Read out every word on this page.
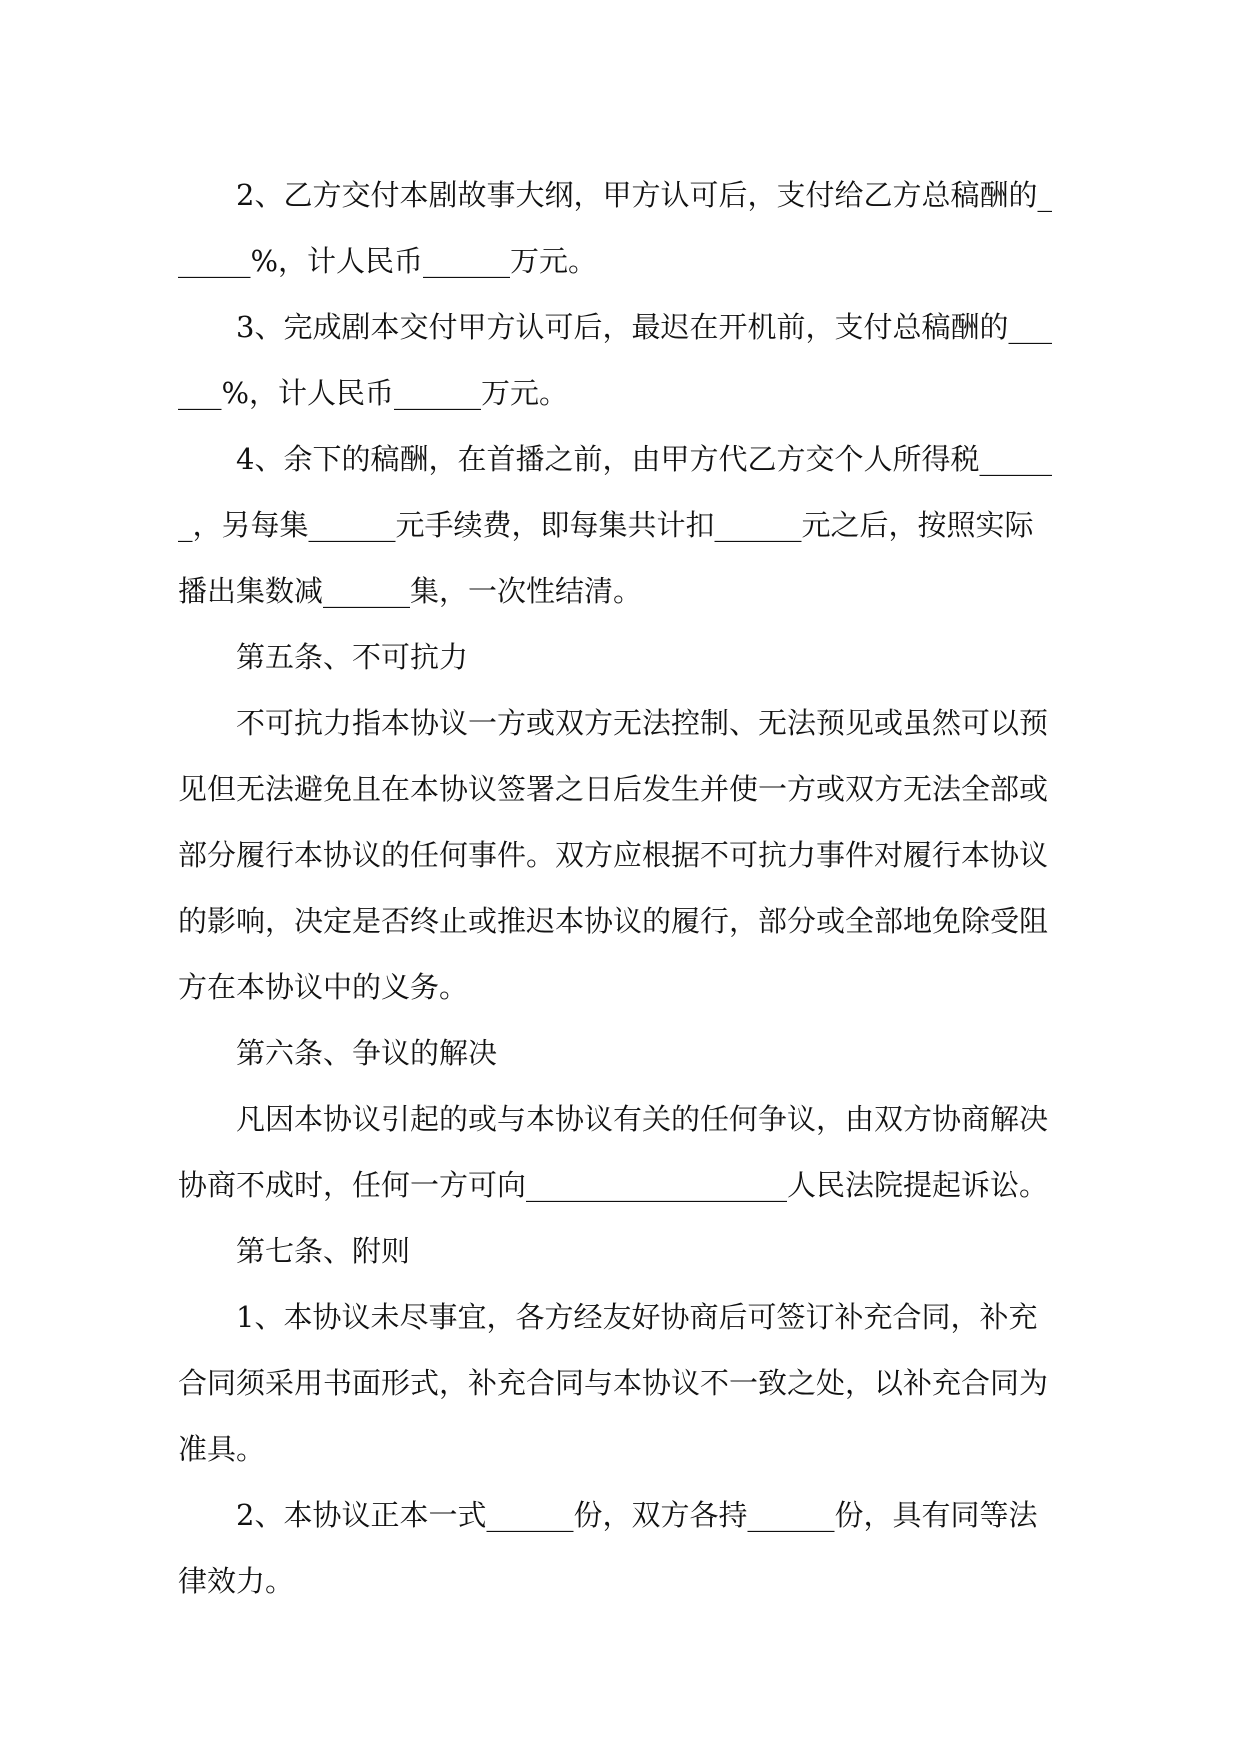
2、乙方交付本剧故事大纲，甲方认可后，支付给乙方总稿酬的_
_____%，计人民币______万元。
3、完成剧本交付甲方认可后，最迟在开机前，支付总稿酬的___
___%，计人民币______万元。
4、余下的稿酬，在首播之前，由甲方代乙方交个人所得税_____
_，另每集______元手续费，即每集共计扣______元之后，按照实际
播出集数减______集，一次性结清。
第五条、不可抗力
不可抗力指本协议一方或双方无法控制、无法预见或虽然可以预
见但无法避免且在本协议签署之日后发生并使一方或双方无法全部或
部分履行本协议的任何事件。双方应根据不可抗力事件对履行本协议
的影响，决定是否终止或推迟本协议的履行，部分或全部地免除受阻
方在本协议中的义务。
第六条、争议的解决
凡因本协议引起的或与本协议有关的任何争议，由双方协商解决
协商不成时，任何一方可向__________________人民法院提起诉讼。
第七条、附则
1、本协议未尽事宜，各方经友好协商后可签订补充合同，补充
合同须采用书面形式，补充合同与本协议不一致之处，以补充合同为
准具。
2、本协议正本一式______份，双方各持______份，具有同等法
律效力。
